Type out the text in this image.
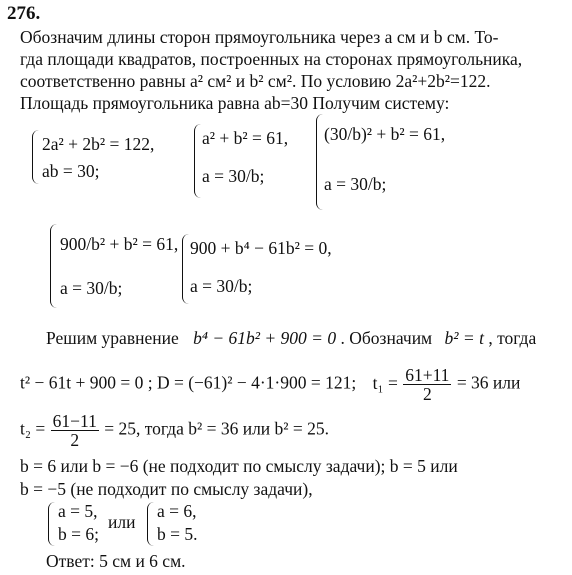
276.
Обозначим длины сторон прямоугольника через a см и b см. То-
гда площади квадратов, построенных на сторонах прямоугольника,
соответственно равны a² см² и b² см². По условию 2a²+2b²=122.
Площадь прямоугольника равна ab=30 Получим систему:
2a² + 2b² = 122,
ab = 30;
a² + b² = 61,
a = 30/b;
(30/b)² + b² = 61,
a = 30/b;
900/b² + b² = 61,
a = 30/b;
900 + b⁴ − 61b² = 0,
a = 30/b;
Решим уравнение b⁴ − 61b² + 900 = 0 . Обозначим b² = t , тогда
t² − 61t + 900 = 0 ; D = (−61)² − 4·1·900 = 121; $t_1 = \frac{61+11}{2} = 36$ или
$t_2 = \frac{61-11}{2} = 25$, тогда b² = 36 или b² = 25.
b = 6 или b = −6 (не подходит по смыслу задачи); b = 5 или
b = −5 (не подходит по смыслу задачи),
a = 5,
b = 6;
или
a = 6,
b = 5.
Ответ: 5 см и 6 см.
